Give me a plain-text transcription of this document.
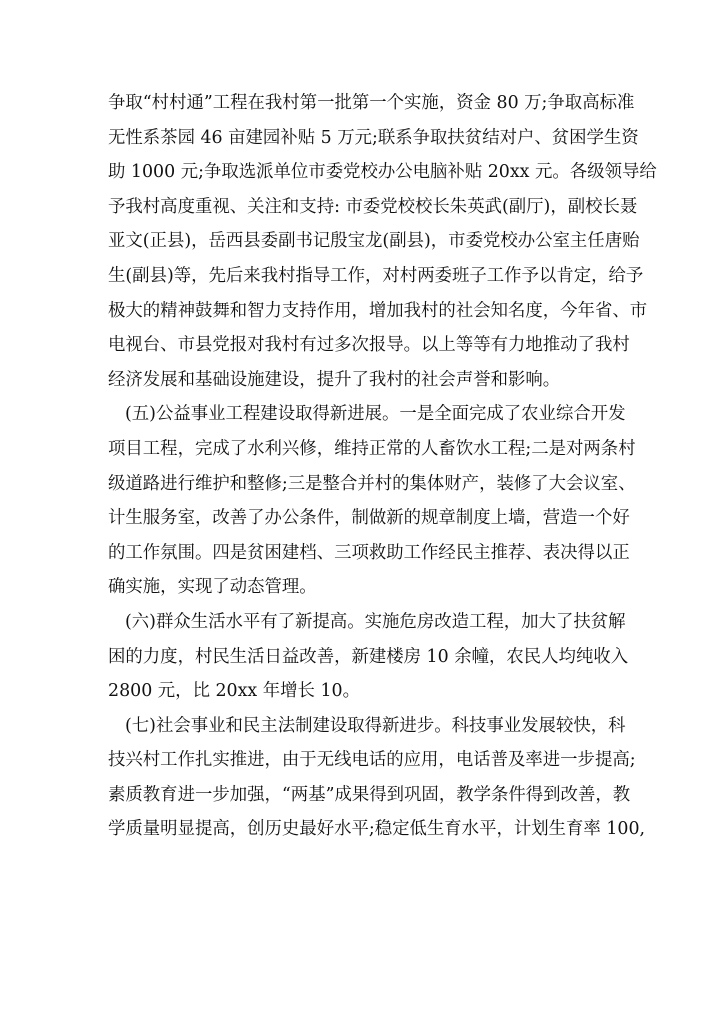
争取“村村通”工程在我村第一批第一个实施，资金 80 万;争取高标准
无性系茶园 46 亩建园补贴 5 万元;联系争取扶贫结对户、贫困学生资
助 1000 元;争取选派单位市委党校办公电脑补贴 20xx 元。各级领导给
予我村高度重视、关注和支持: 市委党校校长朱英武(副厅)，副校长聂
亚文(正县)，岳西县委副书记殷宝龙(副县)，市委党校办公室主任唐贻
生(副县)等，先后来我村指导工作，对村两委班子工作予以肯定，给予
极大的精神鼓舞和智力支持作用，增加我村的社会知名度，今年省、市
电视台、市县党报对我村有过多次报导。以上等等有力地推动了我村
经济发展和基础设施建设，提升了我村的社会声誉和影响。
(五)公益事业工程建设取得新进展。一是全面完成了农业综合开发
项目工程，完成了水利兴修，维持正常的人畜饮水工程;二是对两条村
级道路进行维护和整修;三是整合并村的集体财产，装修了大会议室、
计生服务室，改善了办公条件，制做新的规章制度上墙，营造一个好
的工作氛围。四是贫困建档、三项救助工作经民主推荐、表决得以正
确实施，实现了动态管理。
(六)群众生活水平有了新提高。实施危房改造工程，加大了扶贫解
困的力度，村民生活日益改善，新建楼房 10 余幢，农民人均纯收入
2800 元，比 20xx 年增长 10。
(七)社会事业和民主法制建设取得新进步。科技事业发展较快，科
技兴村工作扎实推进，由于无线电话的应用，电话普及率进一步提高;
素质教育进一步加强，“两基”成果得到巩固，教学条件得到改善，教
学质量明显提高，创历史最好水平;稳定低生育水平，计划生育率 100,
